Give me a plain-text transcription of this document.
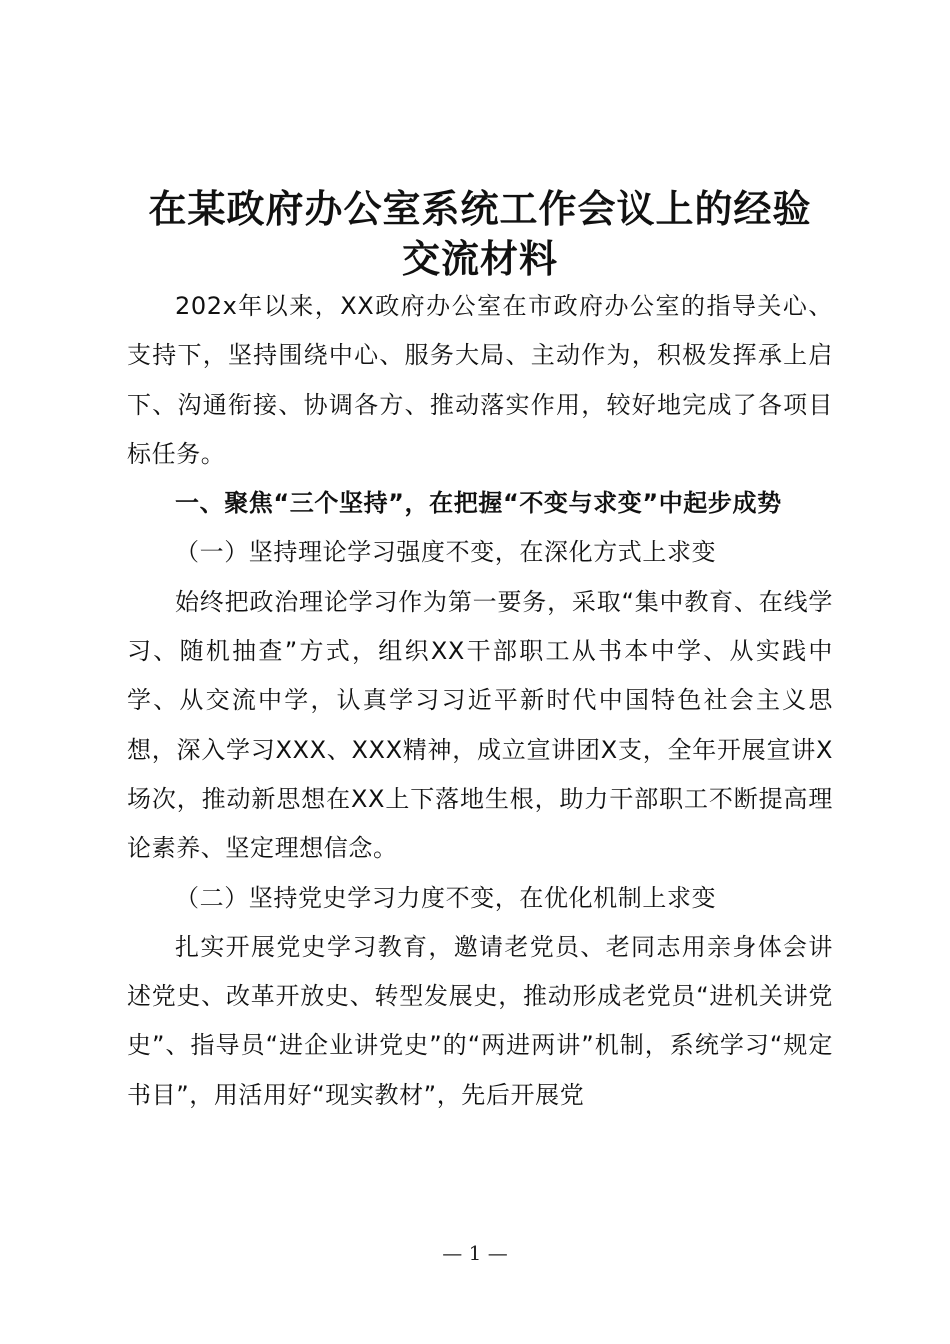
在某政府办公室系统工作会议上的经验
交流材料

202x年以来，XX政府办公室在市政府办公室的指导关心、支持下，坚持围绕中心、服务大局、主动作为，积极发挥承上启下、沟通衔接、协调各方、推动落实作用，较好地完成了各项目标任务。

一、聚焦“三个坚持”，在把握“不变与求变”中起步成势

（一）坚持理论学习强度不变，在深化方式上求变

始终把政治理论学习作为第一要务，采取“集中教育、在线学习、随机抽查”方式，组织XX干部职工从书本中学、从实践中学、从交流中学，认真学习习近平新时代中国特色社会主义思想，深入学习XXX、XXX精神，成立宣讲团X支，全年开展宣讲X场次，推动新思想在XX上下落地生根，助力干部职工不断提高理论素养、坚定理想信念。

（二）坚持党史学习力度不变，在优化机制上求变

扎实开展党史学习教育，邀请老党员、老同志用亲身体会讲述党史、改革开放史、转型发展史，推动形成老党员“进机关讲党史”、指导员“进企业讲党史”的“两进两讲”机制，系统学习“规定书目”，用活用好“现实教材”，先后开展党

— 1 —
